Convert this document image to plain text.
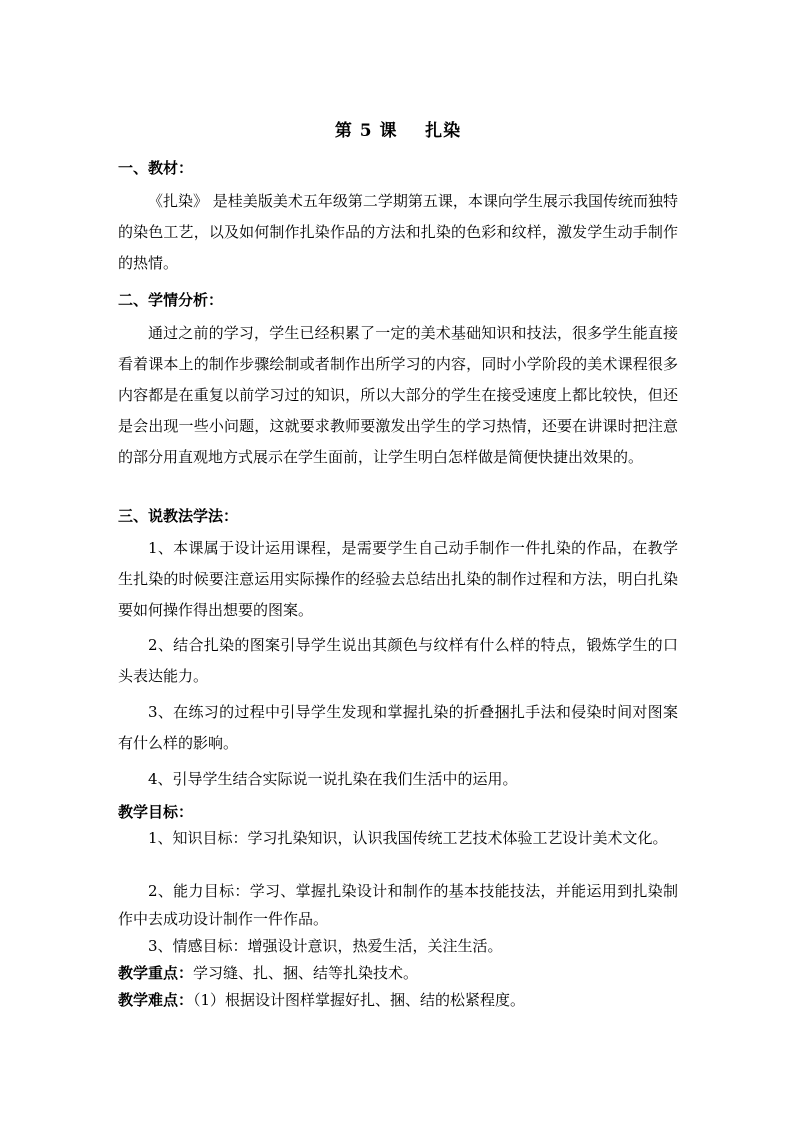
第 5 课    扎染
一、教材：
《扎染》 是桂美版美术五年级第二学期第五课，本课向学生展示我国传统而独特的染色工艺，以及如何制作扎染作品的方法和扎染的色彩和纹样，激发学生动手制作的热情。
二、学情分析：
通过之前的学习，学生已经积累了一定的美术基础知识和技法，很多学生能直接看着课本上的制作步骤绘制或者制作出所学习的内容，同时小学阶段的美术课程很多内容都是在重复以前学习过的知识，所以大部分的学生在接受速度上都比较快，但还是会出现一些小问题，这就要求教师要激发出学生的学习热情，还要在讲课时把注意的部分用直观地方式展示在学生面前，让学生明白怎样做是简便快捷出效果的。
三、说教法学法：
1、本课属于设计运用课程，是需要学生自己动手制作一件扎染的作品，在教学生扎染的时候要注意运用实际操作的经验去总结出扎染的制作过程和方法，明白扎染要如何操作得出想要的图案。
2、结合扎染的图案引导学生说出其颜色与纹样有什么样的特点，锻炼学生的口头表达能力。
3、在练习的过程中引导学生发现和掌握扎染的折叠捆扎手法和侵染时间对图案有什么样的影响。
4、引导学生结合实际说一说扎染在我们生活中的运用。
教学目标：
1、知识目标：学习扎染知识，认识我国传统工艺技术体验工艺设计美术文化。
2、能力目标：学习、掌握扎染设计和制作的基本技能技法，并能运用到扎染制作中去成功设计制作一件作品。
3、情感目标：增强设计意识，热爱生活，关注生活。
教学重点：学习缝、扎、捆、结等扎染技术。
教学难点：（1）根据设计图样掌握好扎、捆、结的松紧程度。
